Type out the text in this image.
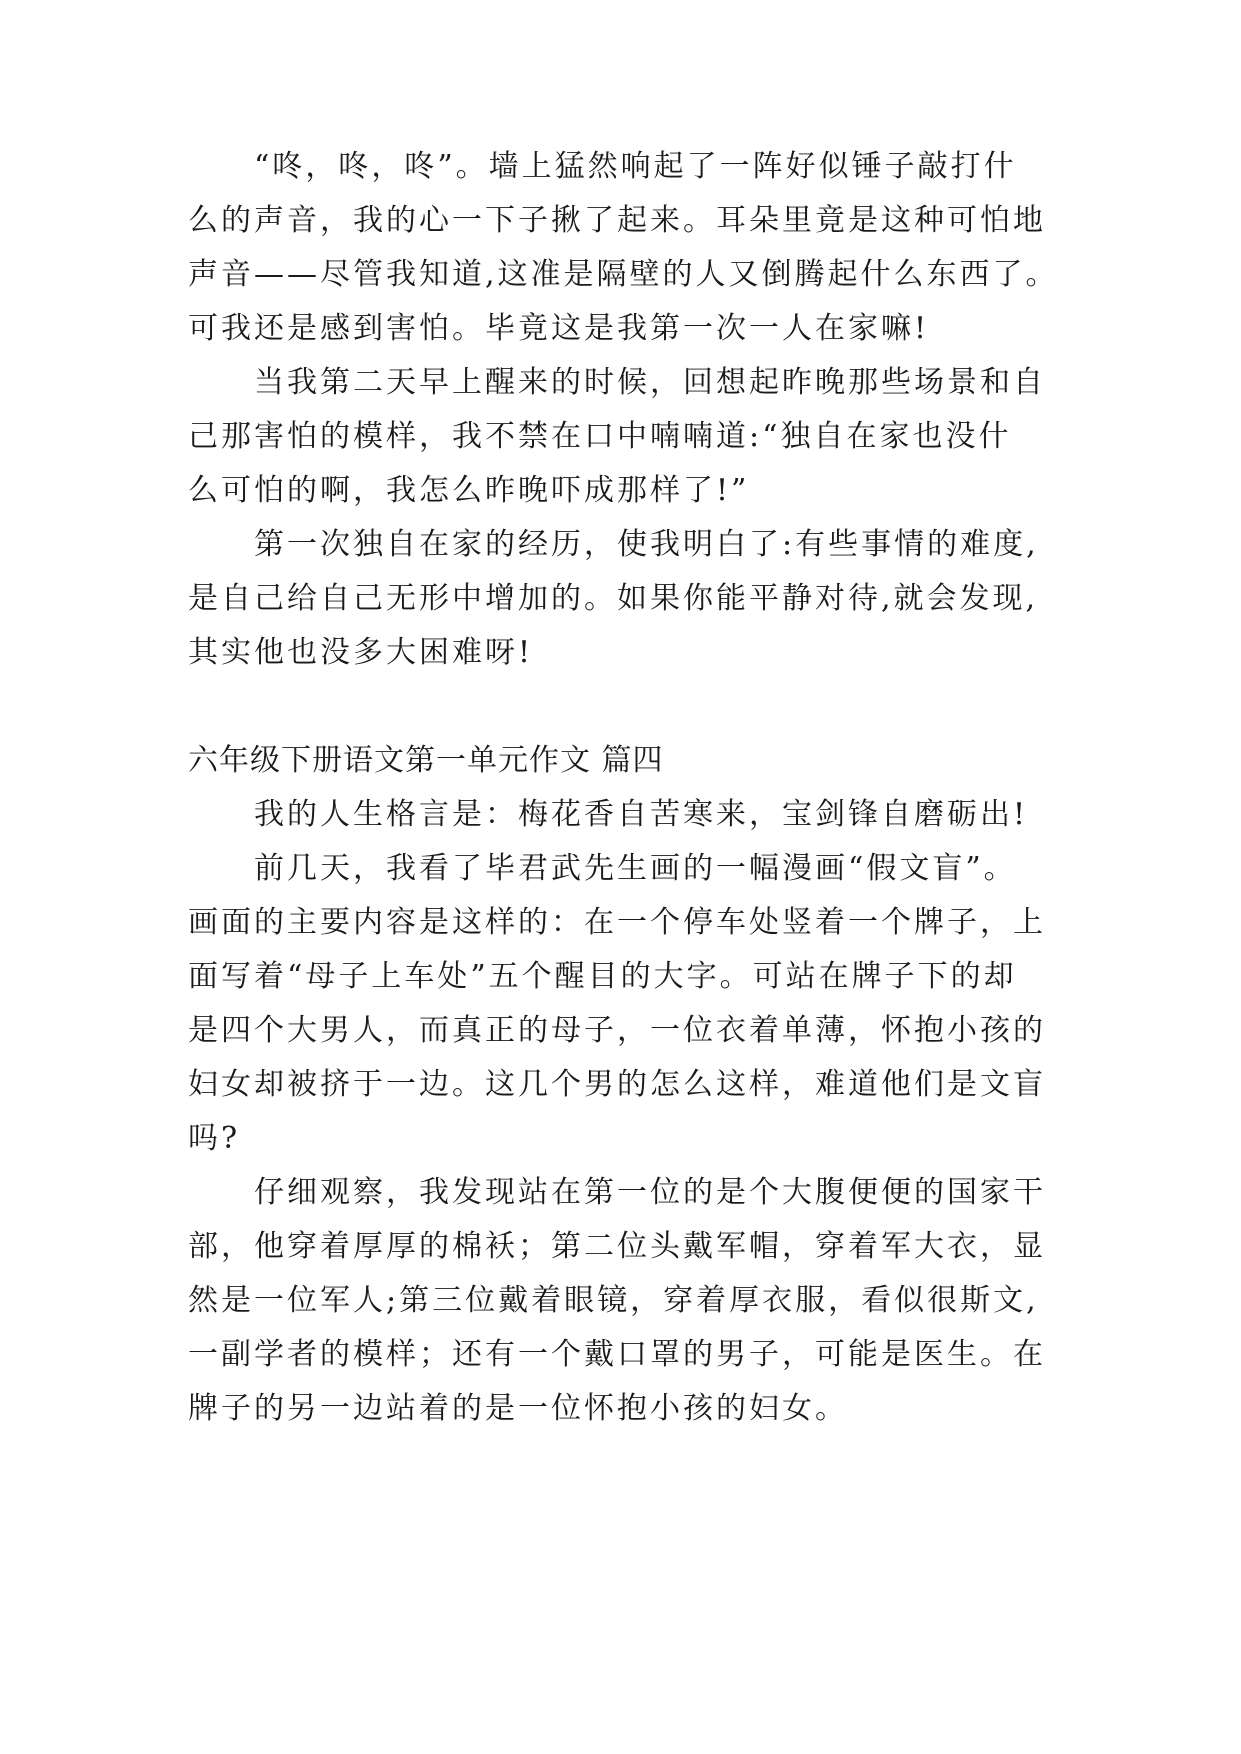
“咚，咚，咚”。墙上猛然响起了一阵好似锤子敲打什
么的声音，我的心一下子揪了起来。耳朵里竟是这种可怕地
声音——尽管我知道,这准是隔壁的人又倒腾起什么东西了。
可我还是感到害怕。毕竟这是我第一次一人在家嘛!
当我第二天早上醒来的时候，回想起昨晚那些场景和自
己那害怕的模样，我不禁在口中喃喃道:“独自在家也没什
么可怕的啊，我怎么昨晚吓成那样了!”
第一次独自在家的经历，使我明白了:有些事情的难度,
是自己给自己无形中增加的。如果你能平静对待,就会发现,
其实他也没多大困难呀!
六年级下册语文第一单元作文 篇四
我的人生格言是：梅花香自苦寒来，宝剑锋自磨砺出!
前几天，我看了毕君武先生画的一幅漫画“假文盲”。
画面的主要内容是这样的：在一个停车处竖着一个牌子，上
面写着“母子上车处”五个醒目的大字。可站在牌子下的却
是四个大男人，而真正的母子，一位衣着单薄，怀抱小孩的
妇女却被挤于一边。这几个男的怎么这样，难道他们是文盲
吗?
仔细观察，我发现站在第一位的是个大腹便便的国家干
部，他穿着厚厚的棉袄；第二位头戴军帽，穿着军大衣，显
然是一位军人;第三位戴着眼镜，穿着厚衣服，看似很斯文,
一副学者的模样；还有一个戴口罩的男子，可能是医生。在
牌子的另一边站着的是一位怀抱小孩的妇女。
